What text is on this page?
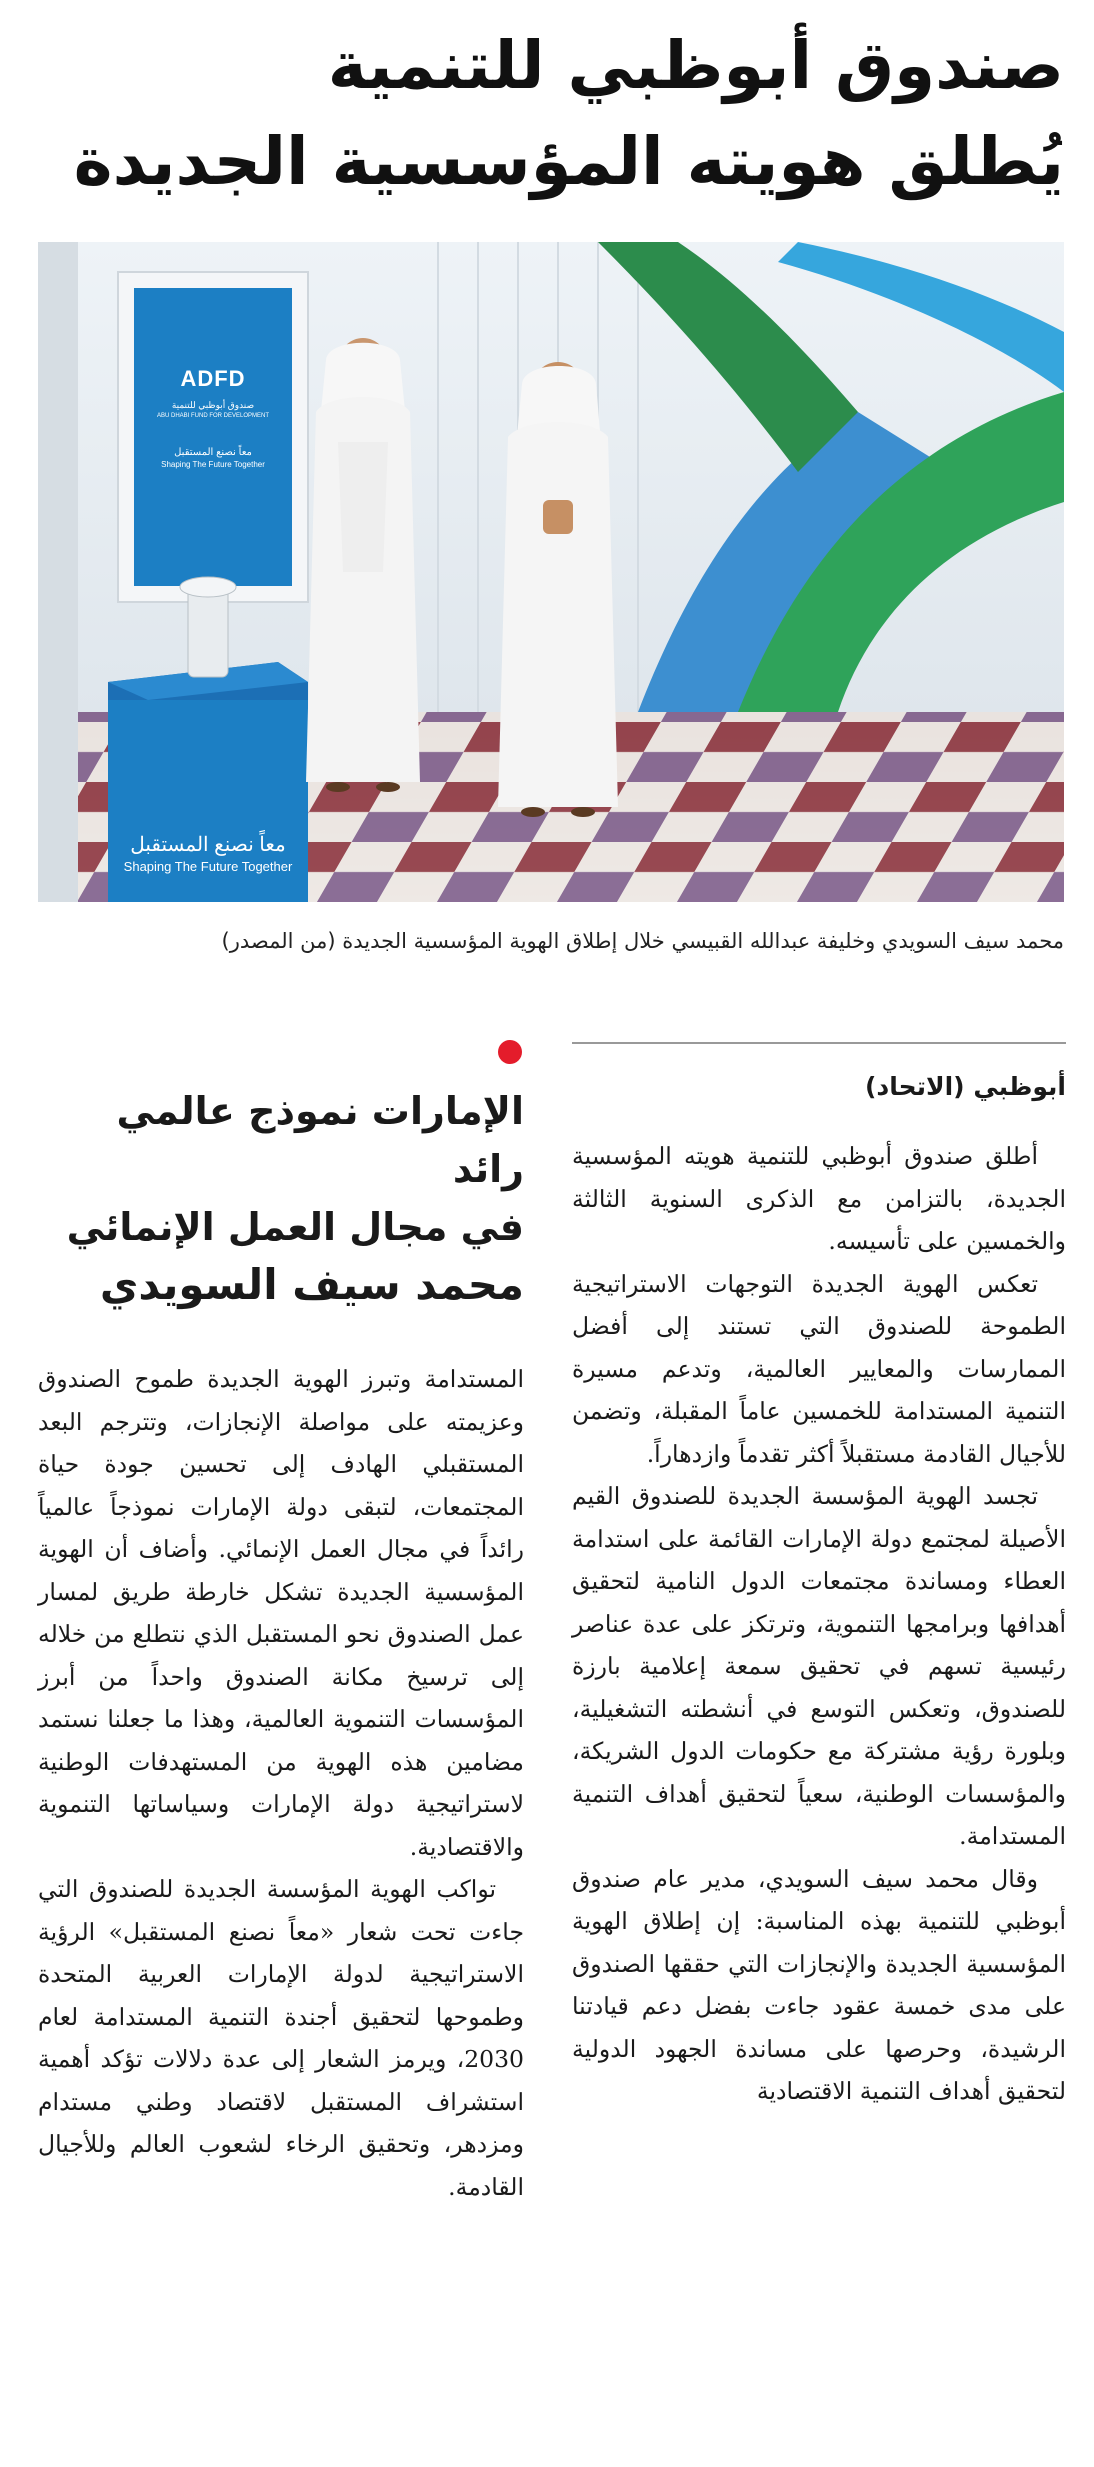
صندوق أبوظبي للتنمية
يُطلق هويته المؤسسية الجديدة
ADFD
صندوق أبوظبي للتنمية
ABU DHABI FUND FOR DEVELOPMENT
معاً نصنع المستقبل
Shaping The Future Together
معاً نصنع المستقبل
Shaping The Future Together
محمد سيف السويدي وخليفة عبدالله القبيسي خلال إطلاق الهوية المؤسسية الجديدة (من المصدر)
أبوظبي (الاتحاد)

أطلق صندوق أبوظبي للتنمية هويته المؤسسية الجديدة، بالتزامن مع الذكرى السنوية الثالثة والخمسين على تأسيسه.

تعكس الهوية الجديدة التوجهات الاستراتيجية الطموحة للصندوق التي تستند إلى أفضل الممارسات والمعايير العالمية، وتدعم مسيرة التنمية المستدامة للخمسين عاماً المقبلة، وتضمن للأجيال القادمة مستقبلاً أكثر تقدماً وازدهاراً.

تجسد الهوية المؤسسة الجديدة للصندوق القيم الأصيلة لمجتمع دولة الإمارات القائمة على استدامة العطاء ومساندة مجتمعات الدول النامية لتحقيق أهدافها وبرامجها التنموية، وترتكز على عدة عناصر رئيسية تسهم في تحقيق سمعة إعلامية بارزة للصندوق، وتعكس التوسع في أنشطته التشغيلية، وبلورة رؤية مشتركة مع حكومات الدول الشريكة، والمؤسسات الوطنية، سعياً لتحقيق أهداف التنمية المستدامة.

وقال محمد سيف السويدي، مدير عام صندوق أبوظبي للتنمية بهذه المناسبة: إن إطلاق الهوية المؤسسية الجديدة والإنجازات التي حققها الصندوق على مدى خمسة عقود جاءت بفضل دعم قيادتنا الرشيدة، وحرصها على مساندة الجهود الدولية لتحقيق أهداف التنمية الاقتصادية

الإمارات نموذج عالمي رائد
في مجال العمل الإنمائي
محمد سيف السويدي

المستدامة وتبرز الهوية الجديدة طموح الصندوق وعزيمته على مواصلة الإنجازات، وتترجم البعد المستقبلي الهادف إلى تحسين جودة حياة المجتمعات، لتبقى دولة الإمارات نموذجاً عالمياً رائداً في مجال العمل الإنمائي. وأضاف أن الهوية المؤسسية الجديدة تشكل خارطة طريق لمسار عمل الصندوق نحو المستقبل الذي نتطلع من خلاله إلى ترسيخ مكانة الصندوق واحداً من أبرز المؤسسات التنموية العالمية، وهذا ما جعلنا نستمد مضامين هذه الهوية من المستهدفات الوطنية لاستراتيجية دولة الإمارات وسياساتها التنموية والاقتصادية.

تواكب الهوية المؤسسة الجديدة للصندوق التي جاءت تحت شعار «معاً نصنع المستقبل» الرؤية الاستراتيجية لدولة الإمارات العربية المتحدة وطموحها لتحقيق أجندة التنمية المستدامة لعام 2030، ويرمز الشعار إلى عدة دلالات تؤكد أهمية استشراف المستقبل لاقتصاد وطني مستدام ومزدهر، وتحقيق الرخاء لشعوب العالم وللأجيال القادمة.
